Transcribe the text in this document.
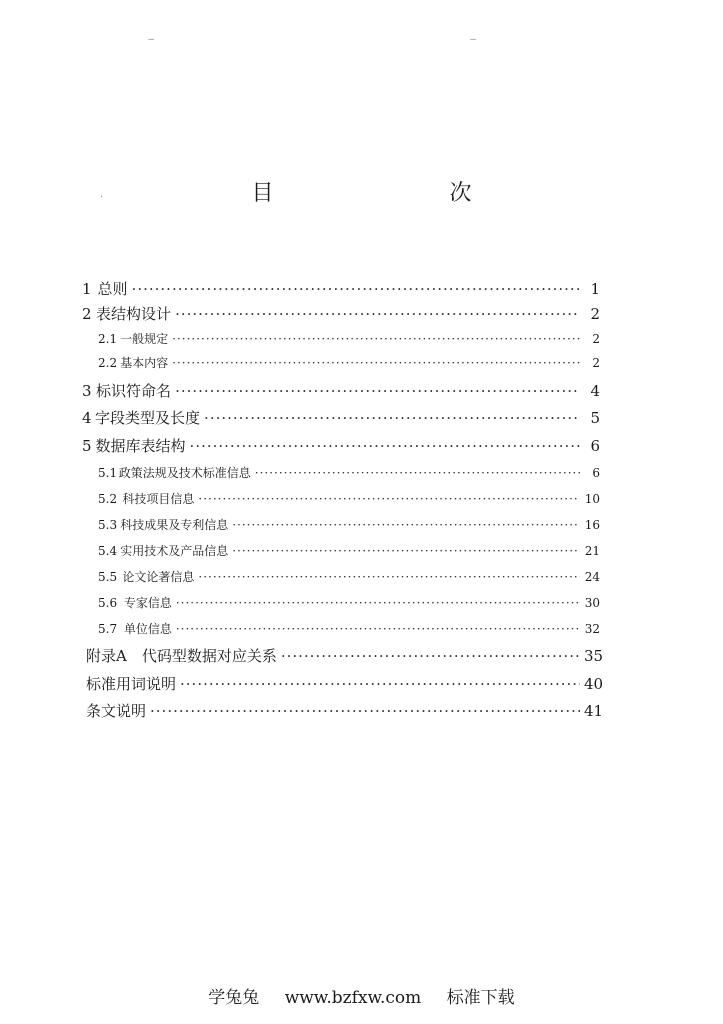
目　　次
‒	‒
·
1 总则 ·····	1
2 表结构设计 ·····	2
2.1 一般规定 ·····	2
2.2 基本内容 ·····	2
3 标识符命名 ·····	4
4 字段类型及长度 ·····	5
5 数据库表结构 ·····	6
5.1 政策法规及技术标准信息 ·····	6
5.2 科技项目信息 ·····	10
5.3 科技成果及专利信息 ·····	16
5.4 实用技术及产品信息 ·····	21
5.5 论文论著信息 ·····	24
5.6 专家信息 ·····	30
5.7 单位信息 ·····	32
附录A　代码型数据对应关系 ·····	35
标准用词说明 ·····	40
条文说明 ·····	41
学兔兔 www.bzfxw.com 标准下载
